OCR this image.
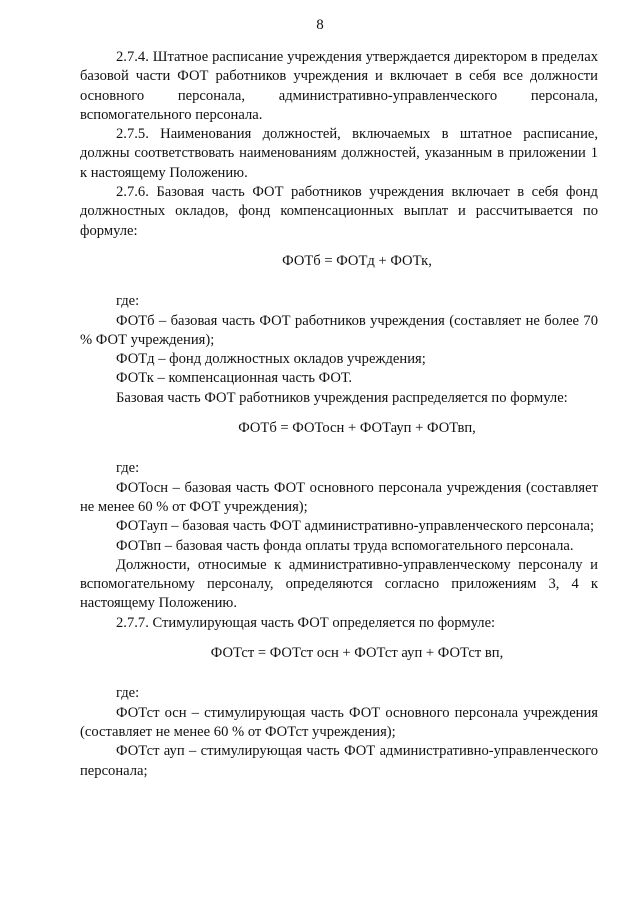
8

2.7.4. Штатное расписание учреждения утверждается директором в пределах базовой части ФОТ работников учреждения и включает в себя все должности основного персонала, административно-управленческого персонала, вспомогательного персонала.

2.7.5. Наименования должностей, включаемых в штатное расписание, должны соответствовать наименованиям должностей, указанным в приложении 1 к настоящему Положению.

2.7.6. Базовая часть ФОТ работников учреждения включает в себя фонд должностных окладов, фонд компенсационных выплат и рассчитывается по формуле:

ФОТб = ФОТд + ФОТк,

где:

ФОТб – базовая часть ФОТ работников учреждения (составляет не более 70 % ФОТ учреждения);

ФОТд – фонд должностных окладов учреждения;

ФОТк – компенсационная часть ФОТ.

Базовая часть ФОТ работников учреждения распределяется по формуле:

ФОТб = ФОТосн + ФОТауп + ФОТвп,

где:

ФОТосн – базовая часть ФОТ основного персонала учреждения (составляет не менее 60 % от ФОТ учреждения);

ФОТауп – базовая часть ФОТ административно-управленческого персонала;

ФОТвп – базовая часть фонда оплаты труда вспомогательного персонала.

Должности, относимые к административно-управленческому персоналу и вспомогательному персоналу, определяются согласно приложениям 3, 4 к настоящему Положению.

2.7.7. Стимулирующая часть ФОТ определяется по формуле:

ФОТст = ФОТст осн + ФОТст ауп + ФОТст вп,

где:

ФОТст осн – стимулирующая часть ФОТ основного персонала учреждения (составляет не менее 60 % от ФОТст учреждения);

ФОТст ауп – стимулирующая часть ФОТ административно-управленческого персонала;
